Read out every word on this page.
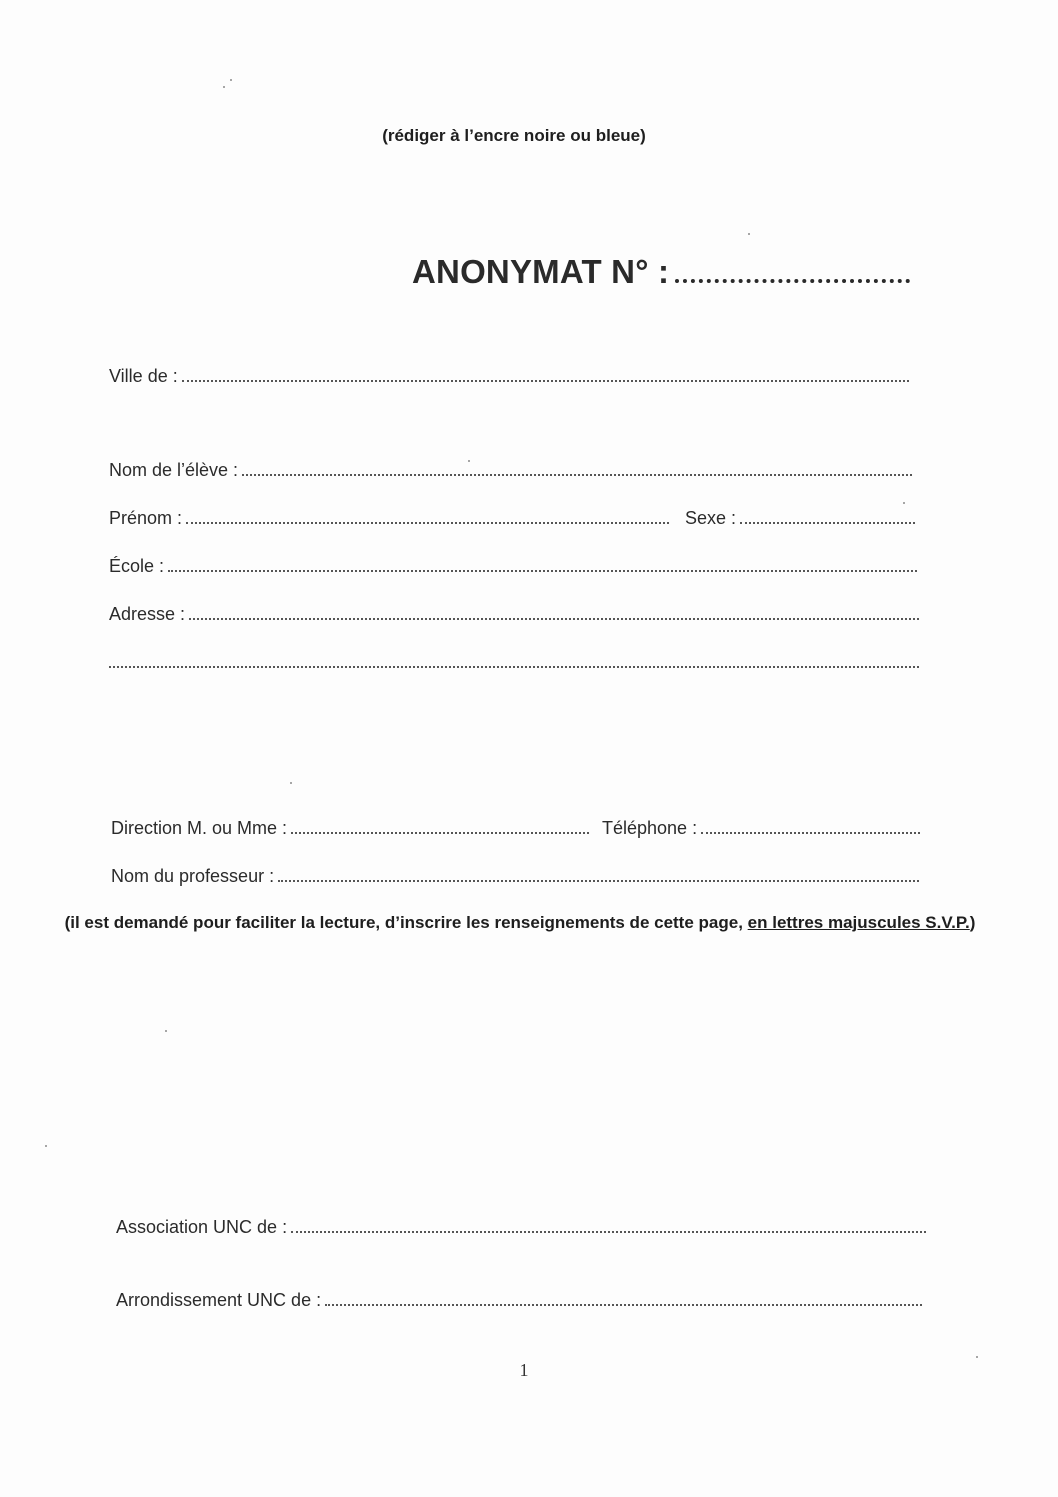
(rédiger à l’encre noire ou bleue)
ANONYMAT N° :
Ville de :
Nom de l’élève :
Prénom :	Sexe :
École :
Adresse :
Direction M. ou Mme :	Téléphone :
Nom du professeur :
(il est demandé pour faciliter la lecture, d’inscrire les renseignements de cette page, en lettres majuscules S.V.P.)
Association UNC de :
Arrondissement UNC de :
1
